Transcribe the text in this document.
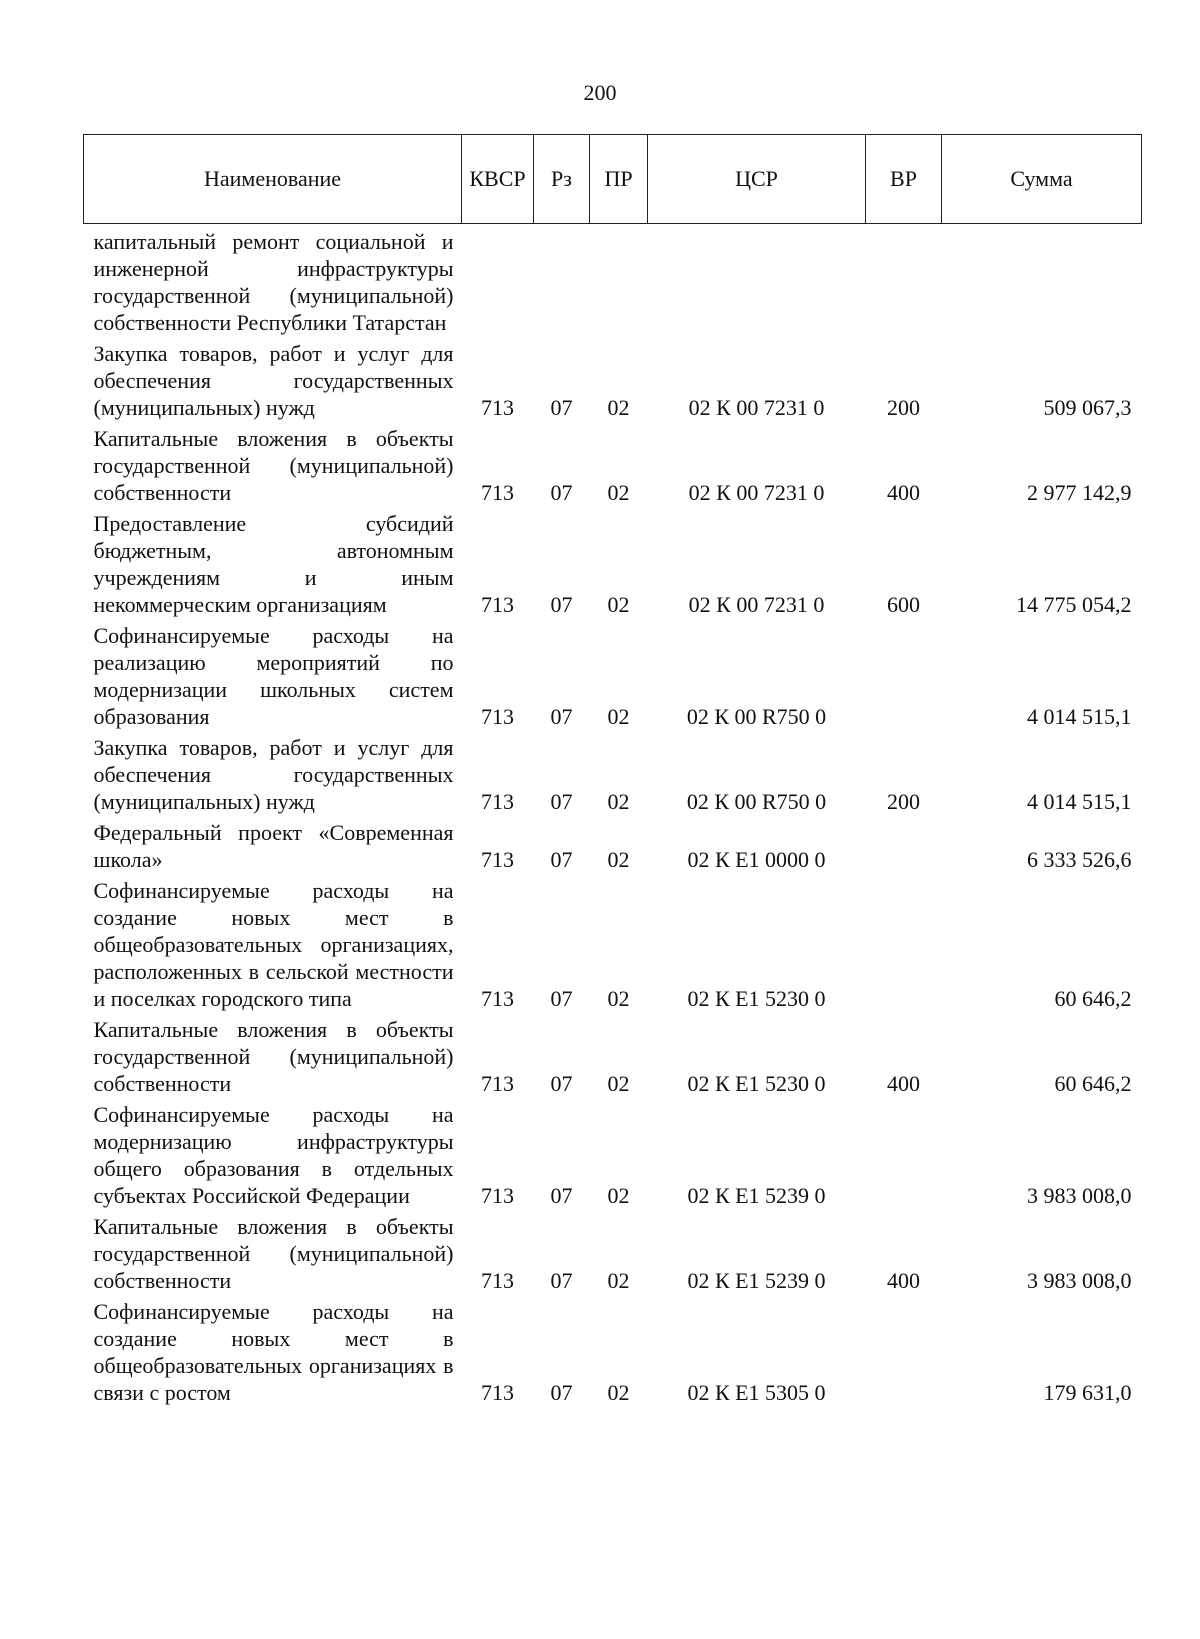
200
Наименование	КВСР	Рз	ПР	ЦСР	ВР	Сумма
капитальный ремонт социальной и инженерной инфраструктуры государственной (муниципальной) собственности Республики Татарстан						
Закупка товаров, работ и услуг для обеспечения государственных (муниципальных) нужд	713	07	02	02 К 00 7231 0	200	509 067,3
Капитальные вложения в объекты государственной (муниципальной) собственности	713	07	02	02 К 00 7231 0	400	2 977 142,9
Предоставление субсидий бюджетным, автономным учреждениям и иным некоммерческим организациям	713	07	02	02 К 00 7231 0	600	14 775 054,2
Софинансируемые расходы на реализацию мероприятий по модернизации школьных систем образования	713	07	02	02 К 00 R750 0		4 014 515,1
Закупка товаров, работ и услуг для обеспечения государственных (муниципальных) нужд	713	07	02	02 К 00 R750 0	200	4 014 515,1
Федеральный проект «Современная школа»	713	07	02	02 К Е1 0000 0		6 333 526,6
Софинансируемые расходы на создание новых мест в общеобразовательных организациях, расположенных в сельской местности и поселках городского типа	713	07	02	02 К Е1 5230 0		60 646,2
Капитальные вложения в объекты государственной (муниципальной) собственности	713	07	02	02 К Е1 5230 0	400	60 646,2
Софинансируемые расходы на модернизацию инфраструктуры общего образования в отдельных субъектах Российской Федерации	713	07	02	02 К Е1 5239 0		3 983 008,0
Капитальные вложения в объекты государственной (муниципальной) собственности	713	07	02	02 К Е1 5239 0	400	3 983 008,0
Софинансируемые расходы на создание новых мест в общеобразовательных организациях в связи с ростом	713	07	02	02 К Е1 5305 0		179 631,0
